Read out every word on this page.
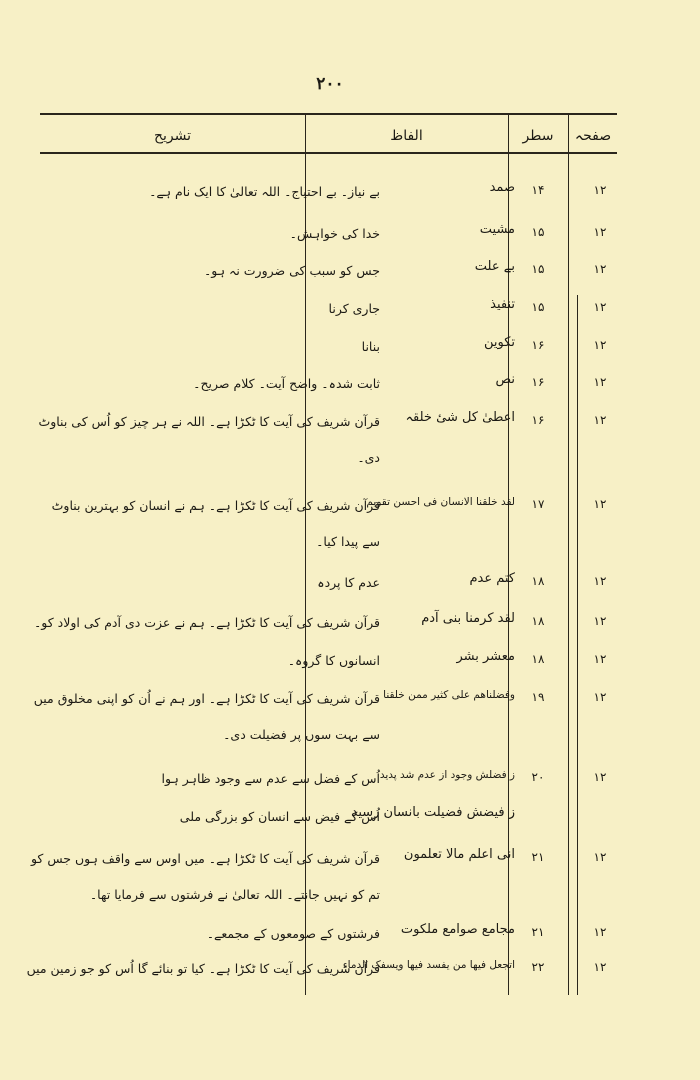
۲۰۰
صفحہ
سطر
الفاظ
تشریح
۱۲
۱۴
صمد
بے نیاز۔ بے احتیاج۔ اللہ تعالیٰ کا ایک نام ہے۔
۱۲
۱۵
مشیت
خدا کی خواہش۔
۱۲
۱۵
بے علت
جس کو سبب کی ضرورت نہ ہو۔
۱۲
۱۵
تنفیذ
جاری کرنا
۱۲
۱۶
تکوین
بنانا
۱۲
۱۶
نص
ثابت شدہ۔ واضح آیت۔ کلام صریح۔
۱۲
۱۶
اعطیٰ کل شیٔ خلقہ
قرآن شریف کی آیت کا ٹکڑا ہے۔ اللہ نے ہر چیز کو اُس کی بناوٹ
دی۔
۱۲
۱۷
لقد خلقنا الانسان فی احسن تقویم
قرآن شریف کی آیت کا ٹکڑا ہے۔ ہم نے انسان کو بہترین بناوٹ
سے پیدا کیا۔
۱۲
۱۸
کتم عدم
عدم کا پردہ
۱۲
۱۸
لقد کرمنا بنی آدم
قرآن شریف کی آیت کا ٹکڑا ہے۔ ہم نے عزت دی آدم کی اولاد کو۔
۱۲
۱۸
معشر بشر
انسانوں کا گروہ۔
۱۲
۱۹
وفضلناهم علی کثیر ممن خلقنا
قرآن شریف کی آیت کا ٹکڑا ہے۔ اور ہم نے اُن کو اپنی مخلوق میں
سے بہت سوں پر فضیلت دی۔
۱۲
۲۰
ز فضلش وجود از عدم شد پدید
اُس کے فضل سے عدم سے وجود ظاہر ہوا
ز فیضش فضیلت بانسان رسید
اُس کے فیض سے انسان کو بزرگی ملی
۱۲
۲۱
انی اعلم مالا تعلمون
قرآن شریف کی آیت کا ٹکڑا ہے۔ میں اوس سے واقف ہوں جس کو
تم کو نہیں جانتے۔ اللہ تعالیٰ نے فرشتوں سے فرمایا تھا۔
۱۲
۲۱
مجامع صوامع ملکوت
فرشتوں کے صومعوں کے مجمعے۔
۱۲
۲۲
اتجعل فیھا من یفسد فیھا ویسفک الدماء
قرآن شریف کی آیت کا ٹکڑا ہے۔ کیا تو بنائے گا اُس کو جو زمین میں
